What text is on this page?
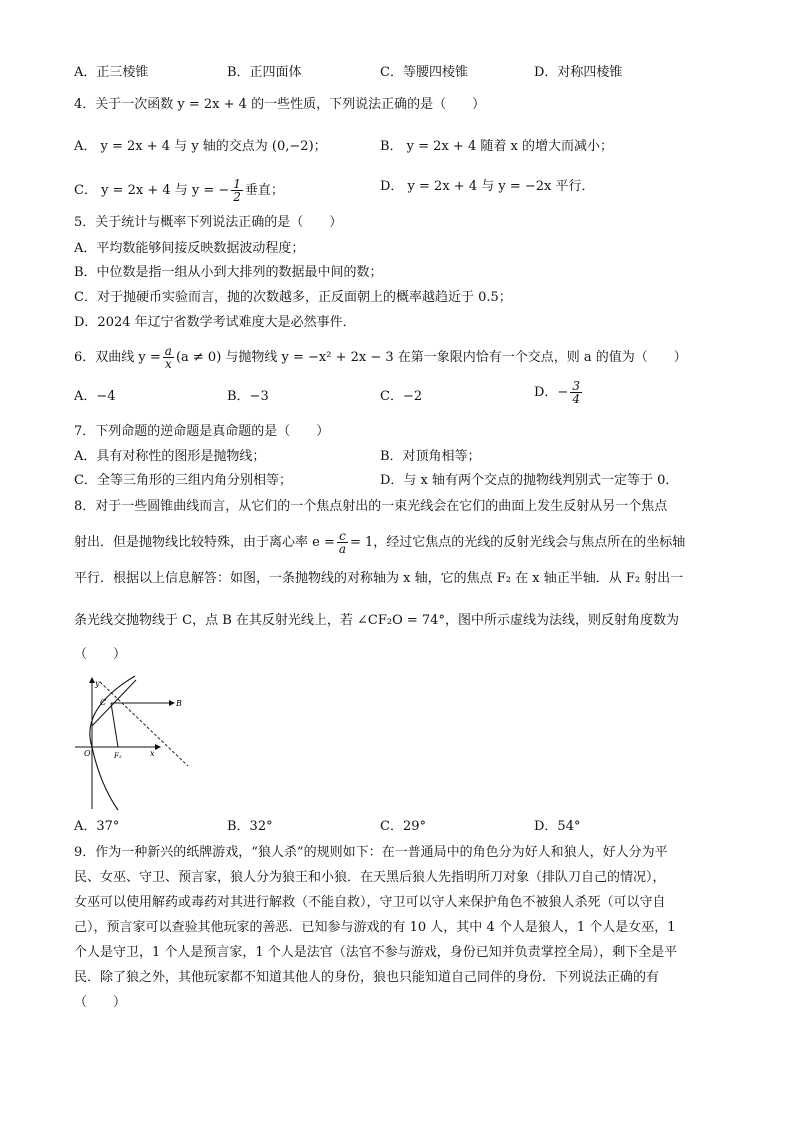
A．正三棱锥	B．正四面体	C．等腰四棱锥	D．对称四棱锥
4．关于一次函数 y = 2x + 4 的一些性质，下列说法正确的是（　　）
A． y = 2x + 4 与 y 轴的交点为 (0,−2)；	B． y = 2x + 4 随着 x 的增大而减小；
C． y = 2x + 4 与 y = − $\frac{1}{2}$ 垂直；	D． y = 2x + 4 与 y = −2x 平行．
5．关于统计与概率下列说法正确的是（　　）
A．平均数能够间接反映数据波动程度；
B．中位数是指一组从小到大排列的数据最中间的数；
C．对于抛硬币实验而言，抛的次数越多，正反面朝上的概率越趋近于 0.5；
D．2024 年辽宁省数学考试难度大是必然事件．
6．双曲线 $y = \frac{a}{x} (a \ne 0)$ 与抛物线 y = −x² + 2x − 3 在第一象限内恰有一个交点，则 a 的值为（　　）
A．−4	B．−3	C．−2	D．− $\frac{3}{4}$
7．下列命题的逆命题是真命题的是（　　）
A．具有对称性的图形是抛物线；	B．对顶角相等；
C．全等三角形的三组内角分别相等；	D．与 x 轴有两个交点的抛物线判别式一定等于 0．
8．对于一些圆锥曲线而言，从它们的一个焦点射出的一束光线会在它们的曲面上发生反射从另一个焦点
射出．但是抛物线比较特殊，由于离心率 $e = \frac{c}{a} = 1$，经过它焦点的光线的反射光线会与焦点所在的坐标轴
平行．根据以上信息解答：如图，一条抛物线的对称轴为 x 轴，它的焦点 F₂ 在 x 轴正半轴．从 F₂ 射出一
条光线交抛物线于 C，点 B 在其反射光线上，若 ∠CF₂O = 74°，图中所示虚线为法线，则反射角度数为
（　　）
y
x
O
C	B
F₂
A．37°	B．32°	C．29°	D．54°
9．作为一种新兴的纸牌游戏，“狼人杀”的规则如下：在一普通局中的角色分为好人和狼人，好人分为平
民、女巫、守卫、预言家，狼人分为狼王和小狼．在天黑后狼人先指明所刀对象（排队刀自己的情况），
女巫可以使用解药或毒药对其进行解救（不能自救），守卫可以守人来保护角色不被狼人杀死（可以守自
己），预言家可以查验其他玩家的善恶．已知参与游戏的有 10 人，其中 4 个人是狼人，1 个人是女巫，1
个人是守卫，1 个人是预言家，1 个人是法官（法官不参与游戏，身份已知并负责掌控全局），剩下全是平
民．除了狼之外，其他玩家都不知道其他人的身份，狼也只能知道自己同伴的身份．下列说法正确的有
（　　）
